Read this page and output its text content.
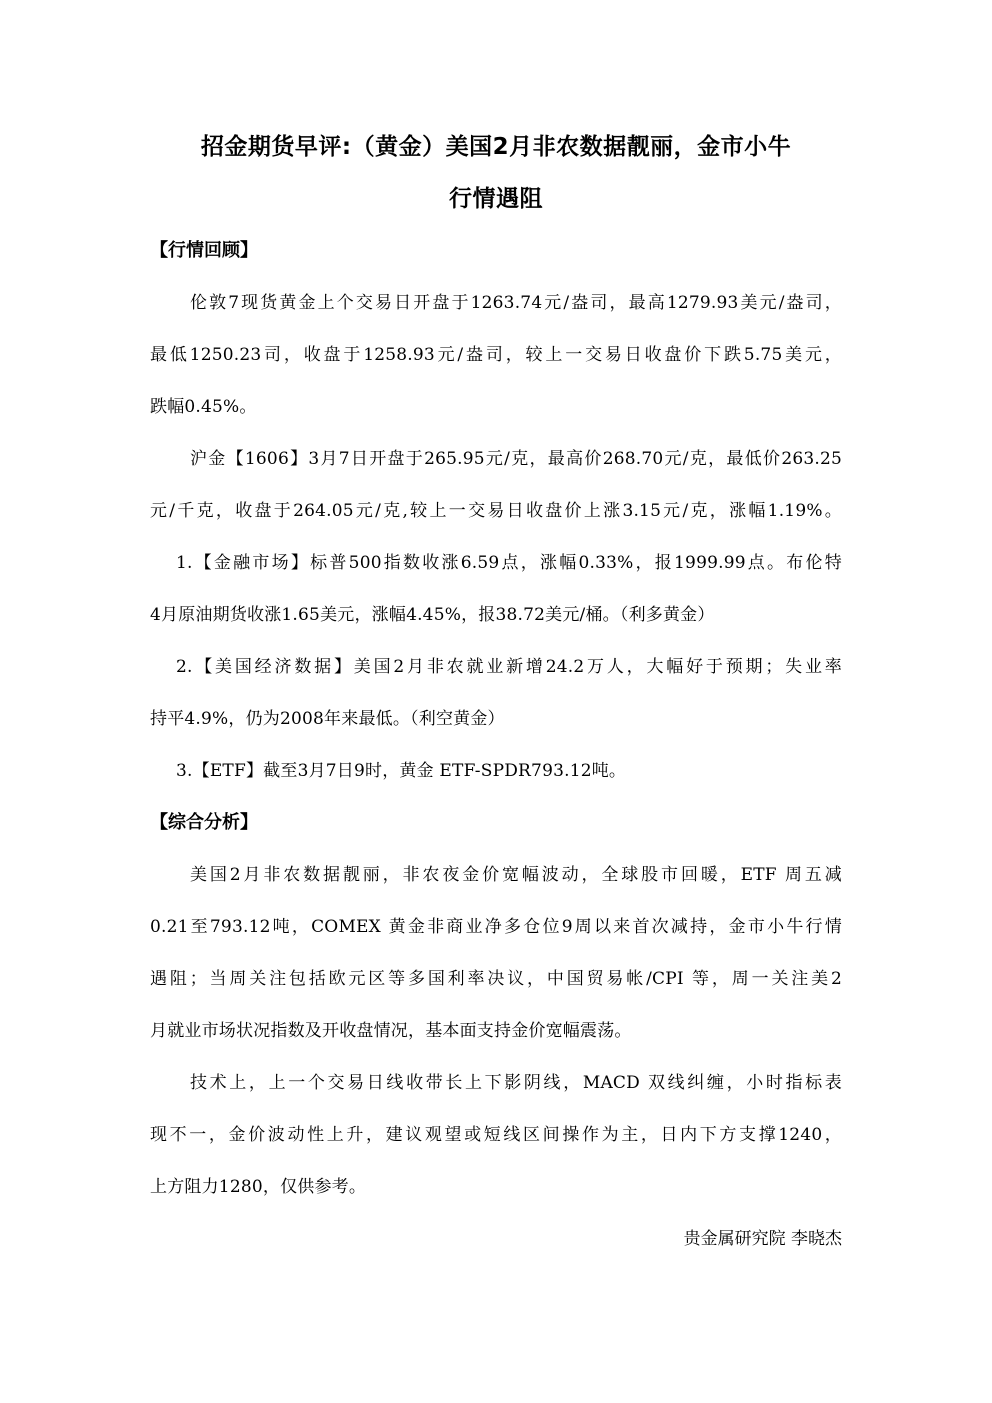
招金期货早评:（黄金）美国2月非农数据靓丽，金市小牛
行情遇阻
【行情回顾】
伦敦7现货黄金上个交易日开盘于1263.74元/盎司，最高1279.93美元/盎司，
最低1250.23司，收盘于1258.93元/盎司，较上一交易日收盘价下跌5.75美元，
跌幅0.45%。
沪金【1606】3月7日开盘于265.95元/克，最高价268.70元/克，最低价263.25
元/千克，收盘于264.05元/克,较上一交易日收盘价上涨3.15元/克，涨幅1.19%。
1.【金融市场】标普500指数收涨6.59点，涨幅0.33%，报1999.99点。布伦特
4月原油期货收涨1.65美元，涨幅4.45%，报38.72美元/桶。（利多黄金）
2.【美国经济数据】美国2月非农就业新增24.2万人，大幅好于预期；失业率
持平4.9%，仍为2008年来最低。（利空黄金）
3.【ETF】截至3月7日9时，黄金 ETF-SPDR793.12吨。
【综合分析】
美国2月非农数据靓丽，非农夜金价宽幅波动，全球股市回暖，ETF 周五减
0.21至793.12吨，COMEX 黄金非商业净多仓位9周以来首次减持，金市小牛行情
遇阻；当周关注包括欧元区等多国利率决议，中国贸易帐/CPI 等，周一关注美2
月就业市场状况指数及开收盘情况，基本面支持金价宽幅震荡。
技术上，上一个交易日线收带长上下影阴线，MACD 双线纠缠，小时指标表
现不一，金价波动性上升，建议观望或短线区间操作为主，日内下方支撑1240，
上方阻力1280，仅供参考。
贵金属研究院 李晓杰
